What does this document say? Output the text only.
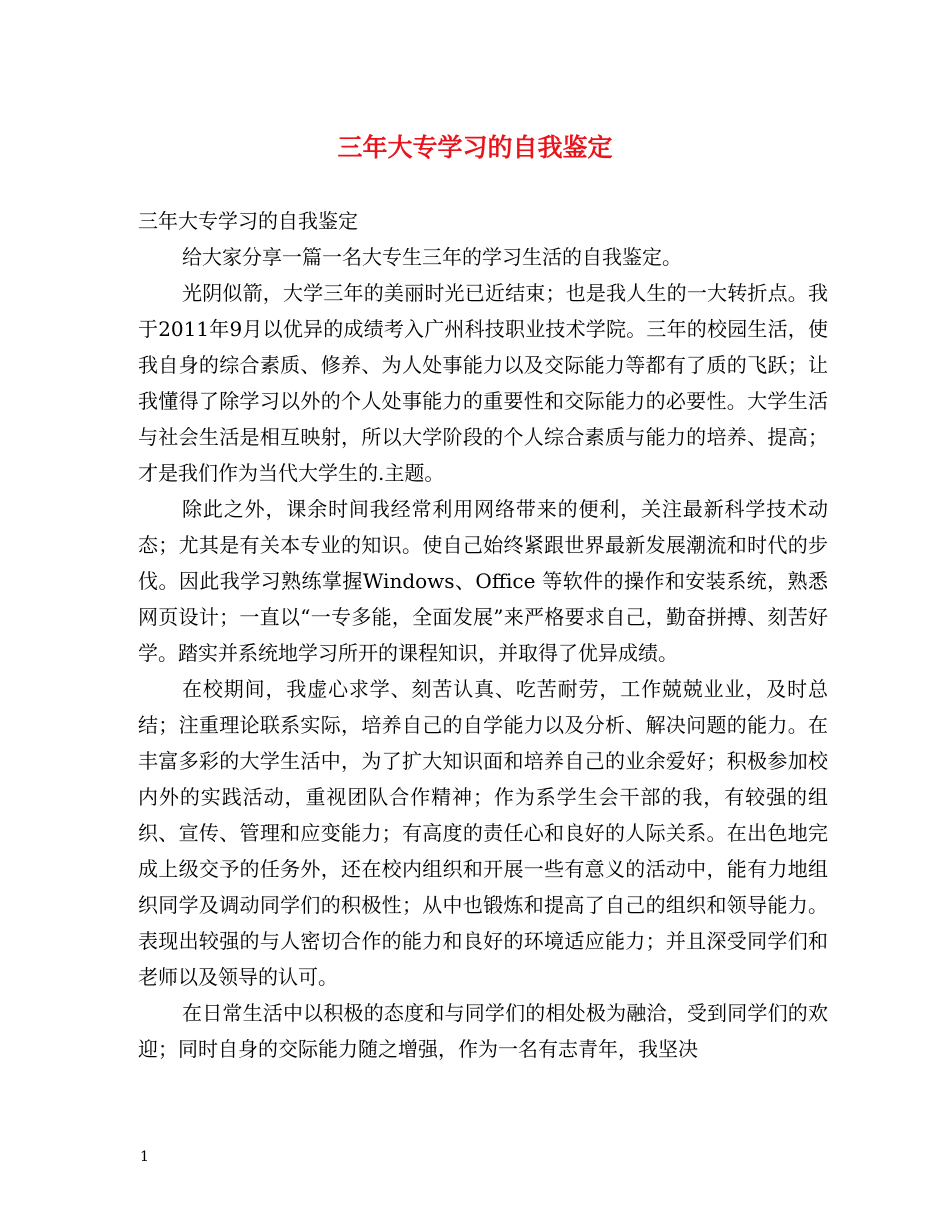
三年大专学习的自我鉴定

三年大专学习的自我鉴定

给大家分享一篇一名大专生三年的学习生活的自我鉴定。

光阴似箭，大学三年的美丽时光已近结束；也是我人生的一大转折点。我于2011年9月以优异的成绩考入广州科技职业技术学院。三年的校园生活，使我自身的综合素质、修养、为人处事能力以及交际能力等都有了质的飞跃；让我懂得了除学习以外的个人处事能力的重要性和交际能力的必要性。大学生活与社会生活是相互映射，所以大学阶段的个人综合素质与能力的培养、提高；才是我们作为当代大学生的.主题。

除此之外，课余时间我经常利用网络带来的便利，关注最新科学技术动态；尤其是有关本专业的知识。使自己始终紧跟世界最新发展潮流和时代的步伐。因此我学习熟练掌握Windows、Office 等软件的操作和安装系统，熟悉网页设计；一直以“一专多能，全面发展”来严格要求自己，勤奋拼搏、刻苦好学。踏实并系统地学习所开的课程知识，并取得了优异成绩。

在校期间，我虚心求学、刻苦认真、吃苦耐劳，工作兢兢业业，及时总结；注重理论联系实际，培养自己的自学能力以及分析、解决问题的能力。在丰富多彩的大学生活中，为了扩大知识面和培养自己的业余爱好；积极参加校内外的实践活动，重视团队合作精神；作为系学生会干部的我，有较强的组织、宣传、管理和应变能力；有高度的责任心和良好的人际关系。在出色地完成上级交予的任务外，还在校内组织和开展一些有意义的活动中，能有力地组织同学及调动同学们的积极性；从中也锻炼和提高了自己的组织和领导能力。表现出较强的与人密切合作的能力和良好的环境适应能力；并且深受同学们和老师以及领导的认可。

在日常生活中以积极的态度和与同学们的相处极为融洽，受到同学们的欢迎；同时自身的交际能力随之增强，作为一名有志青年，我坚决

1
